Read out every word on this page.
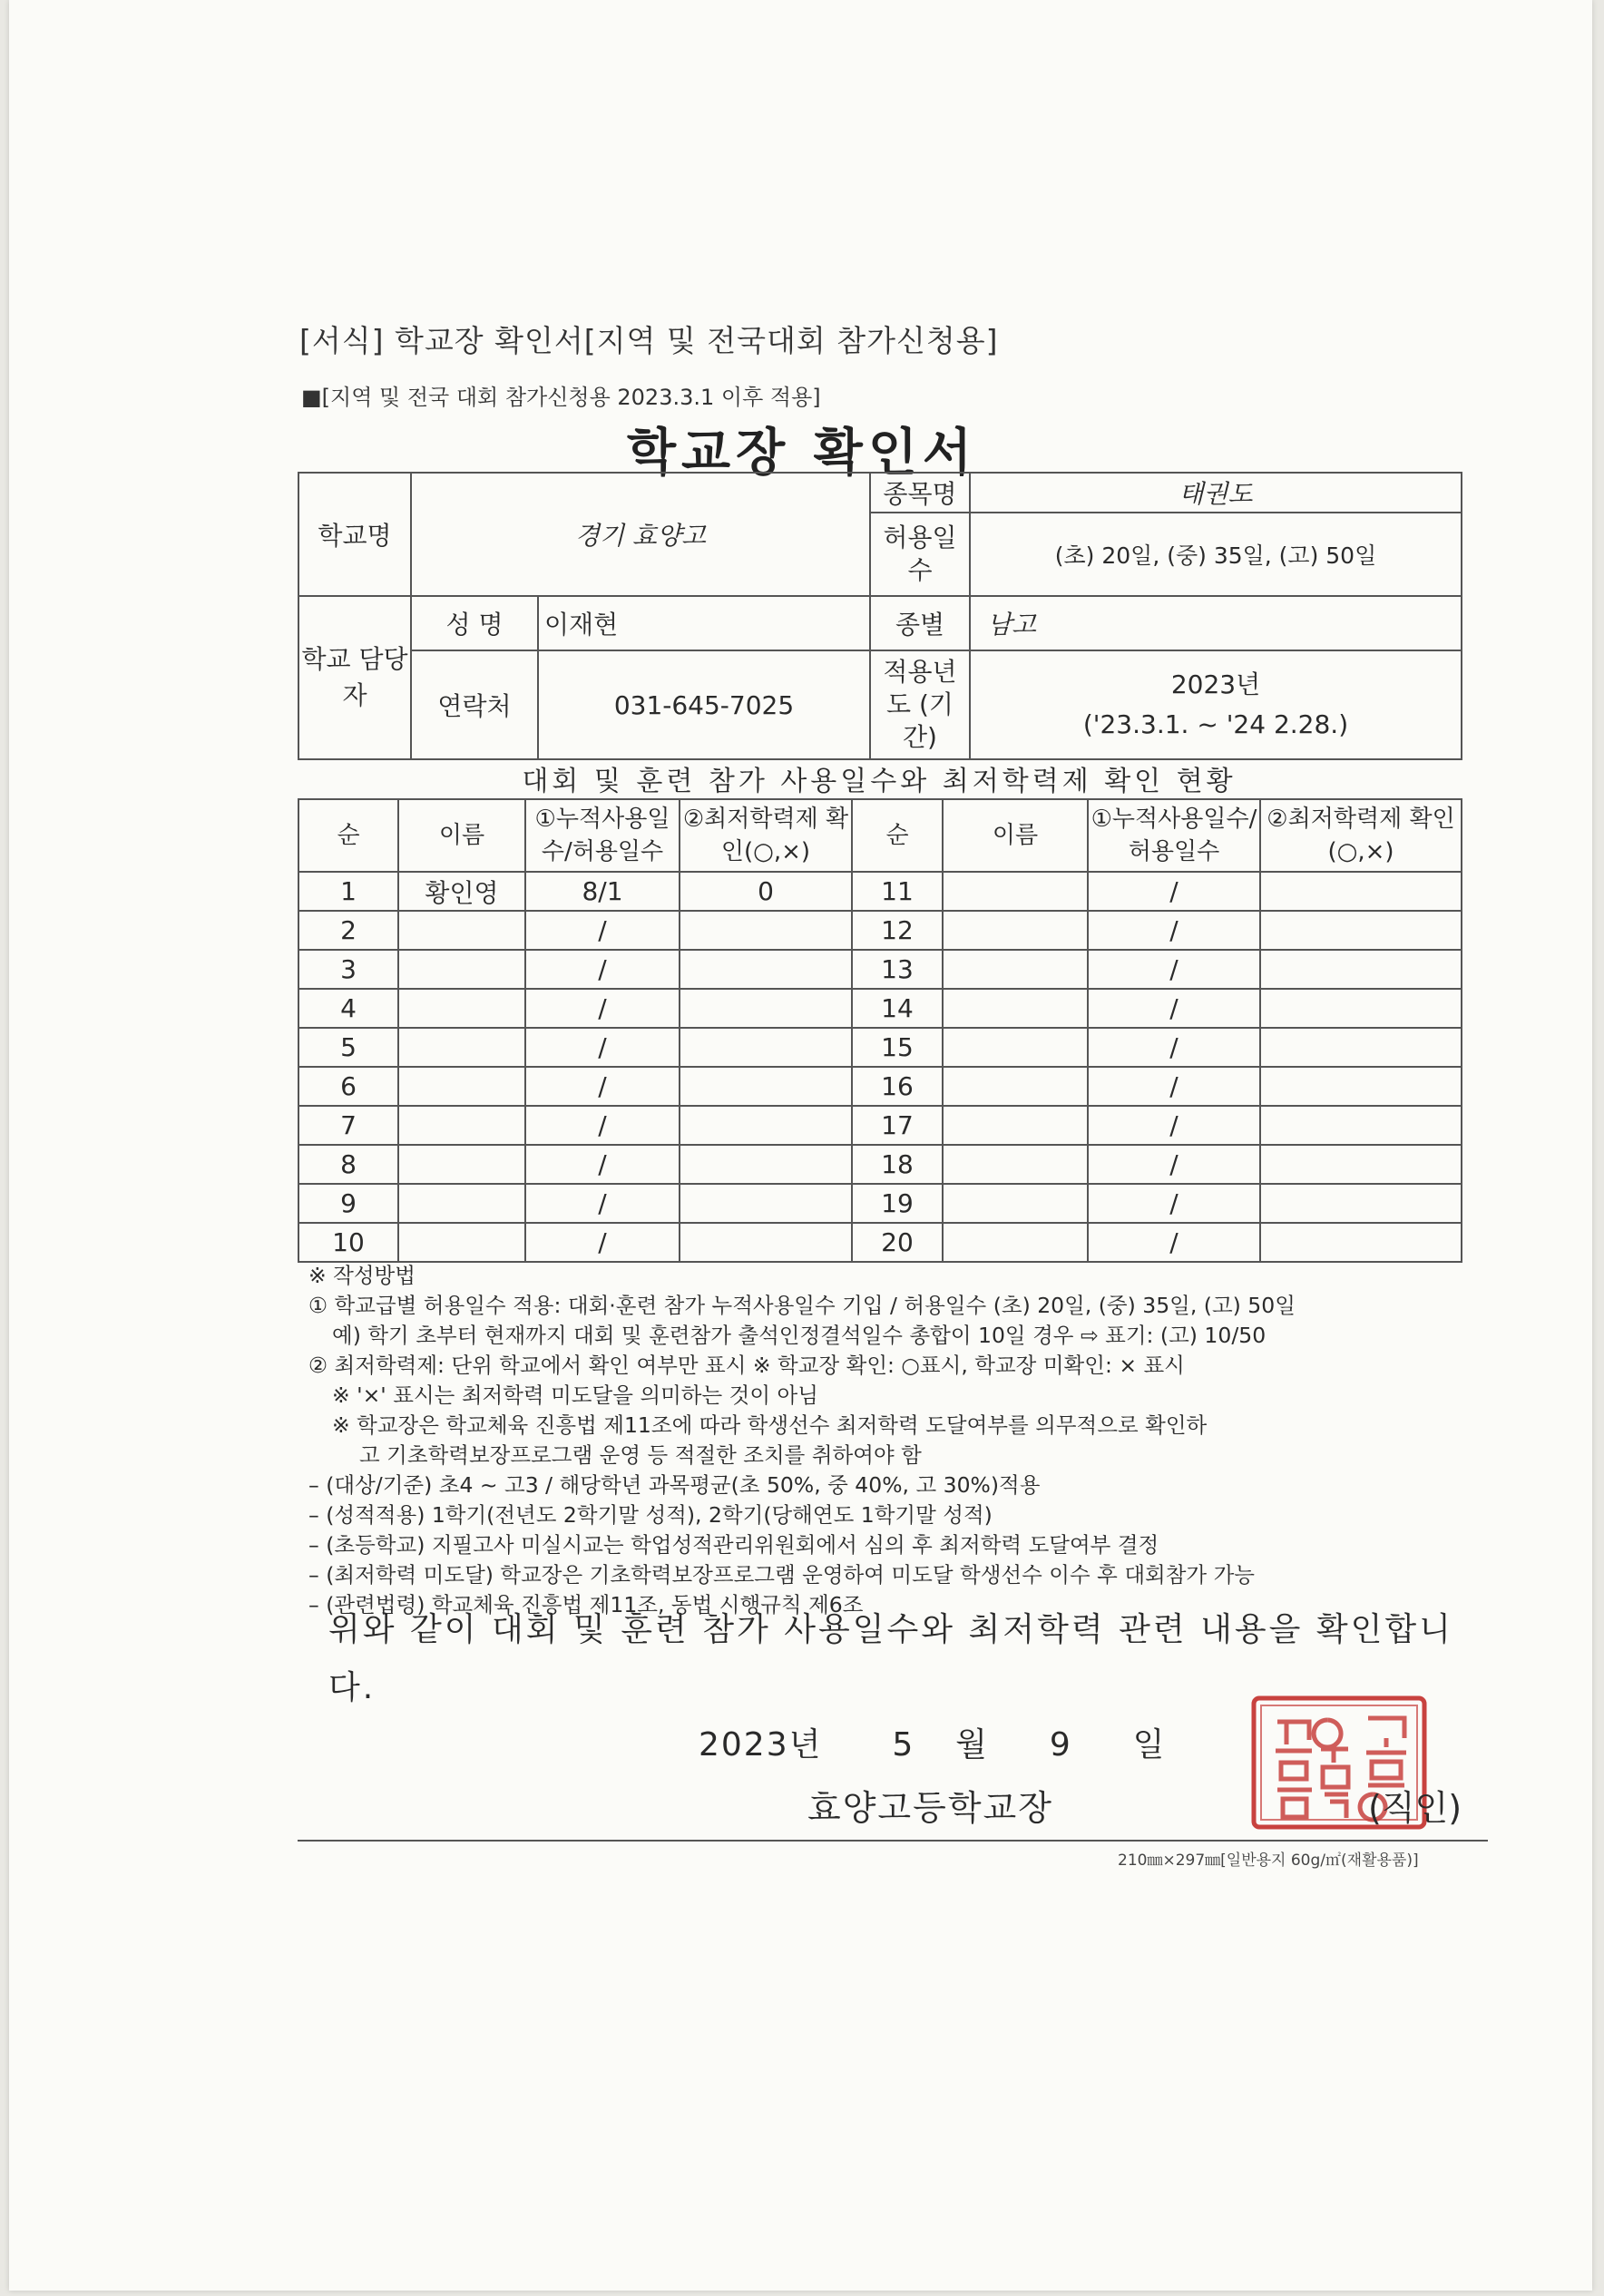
[서식] 학교장 확인서[지역 및 전국대회 참가신청용]
■[지역 및 전국 대회 참가신청용 2023.3.1 이후 적용]
학교장 확인서
학교명	경기 효양고		종목명	태권도
			허용일수	(초) 20일, (중) 35일, (고) 50일
학교 담당자	성 명	이재현	종별	남고
	연락처	031-645-7025	적용년도 (기간)	2023년
('23.3.1. ~ '24 2.28.)
대회 및 훈련 참가 사용일수와 최저학력제 확인 현황
순	이름	①누적사용일수/허용일수	②최저학력제 확인(○,×)	순	이름	①누적사용일수/허용일수	②최저학력제 확인(○,×)
1	황인영	8/1	0	11		/	
2		/		12		/	
3		/		13		/	
4		/		14		/	
5		/		15		/	
6		/		16		/	
7		/		17		/	
8		/		18		/	
9		/		19		/	
10		/		20		/	
※ 작성방법
① 학교급별 허용일수 적용: 대회·훈련 참가 누적사용일수 기입 / 허용일수 (초) 20일, (중) 35일, (고) 50일
예) 학기 초부터 현재까지 대회 및 훈련참가 출석인정결석일수 총합이 10일 경우 ⇨ 표기: (고) 10/50
② 최저학력제: 단위 학교에서 확인 여부만 표시 ※ 학교장 확인: ○표시, 학교장 미확인: × 표시
※ '×' 표시는 최저학력 미도달을 의미하는 것이 아님
※ 학교장은 학교체육 진흥법 제11조에 따라 학생선수 최저학력 도달여부를 의무적으로 확인하
고 기초학력보장프로그램 운영 등 적절한 조치를 취하여야 함
– (대상/기준) 초4 ~ 고3 / 해당학년 과목평균(초 50%, 중 40%, 고 30%)적용
– (성적적용) 1학기(전년도 2학기말 성적), 2학기(당해연도 1학기말 성적)
– (초등학교) 지필고사 미실시교는 학업성적관리위원회에서 심의 후 최저학력 도달여부 결정
– (최저학력 미도달) 학교장은 기초학력보장프로그램 운영하여 미도달 학생선수 이수 후 대회참가 가능
– (관련법령) 학교체육 진흥법 제11조, 동법 시행규칙 제6조
위와 같이 대회 및 훈련 참가 사용일수와 최저학력 관련 내용을 확인합니다.
2023년 5 월 9 일
효양고등학교장	(직인)
210㎜×297㎜[일반용지 60g/㎡(재활용품)]
